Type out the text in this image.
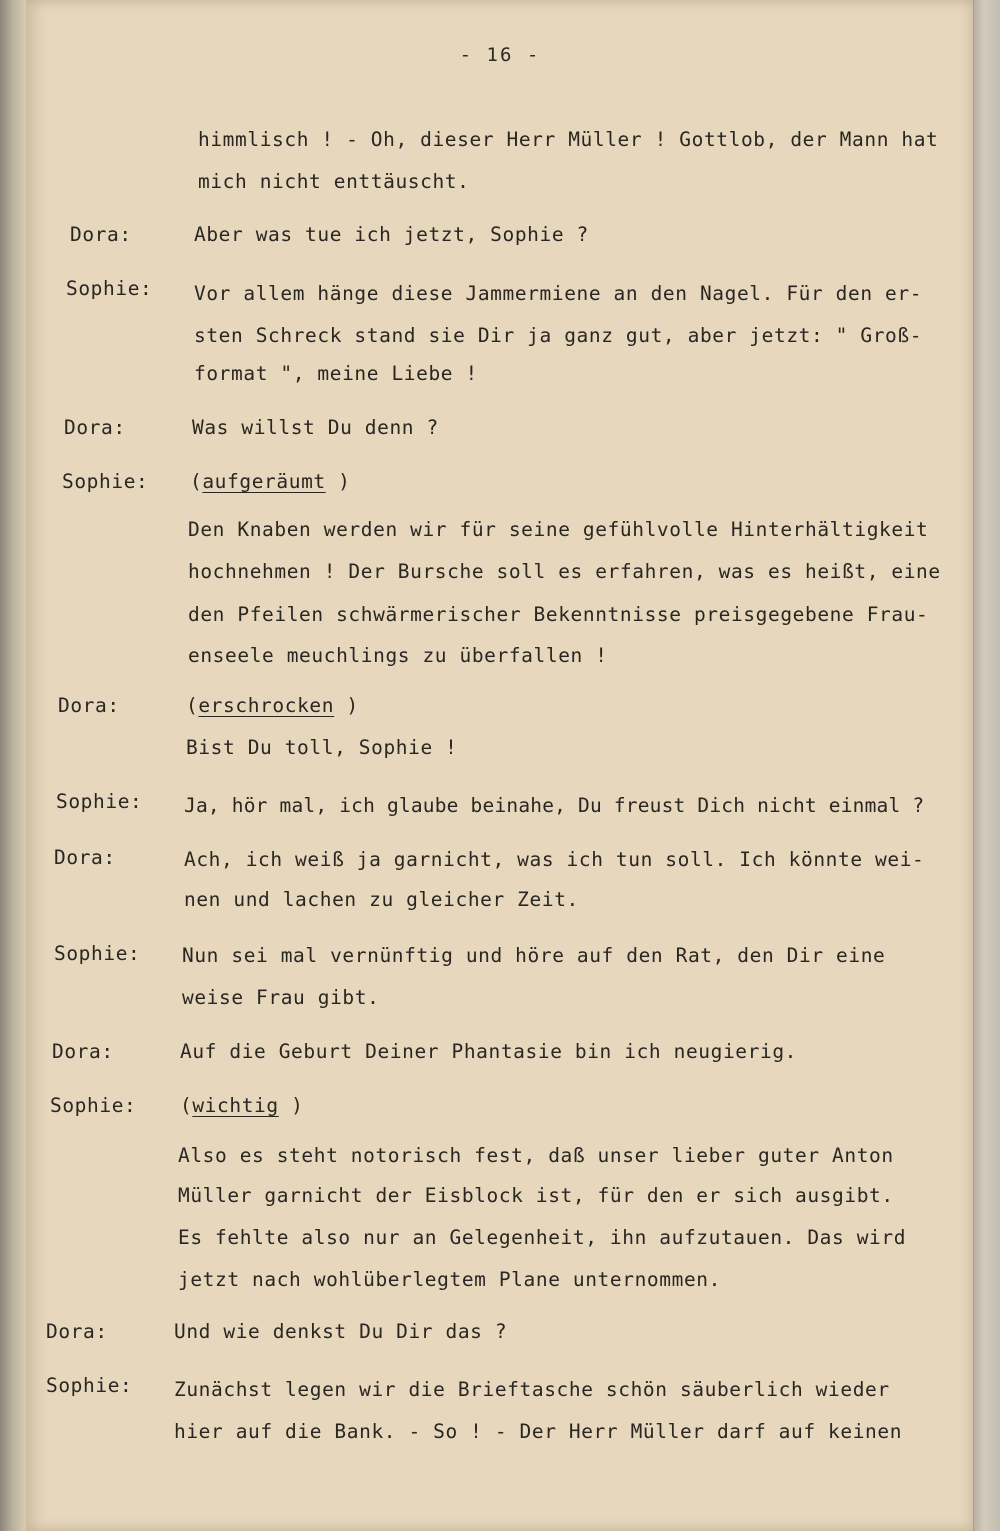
- 16 -
himmlisch ! - Oh, dieser Herr Müller ! Gottlob, der Mann hat
mich nicht enttäuscht.
Dora:	Aber was tue ich jetzt, Sophie ?
Sophie: Vor allem hänge diese Jammermiene an den Nagel. Für den er-
sten Schreck stand sie Dir ja ganz gut, aber jetzt: " Groß-
format ", meine Liebe !
Dora:	Was willst Du denn ?
Sophie: (aufgeräumt )
Den Knaben werden wir für seine gefühlvolle Hinterhältigkeit
hochnehmen ! Der Bursche soll es erfahren, was es heißt, eine
den Pfeilen schwärmerischer Bekenntnisse preisgegebene Frau-
enseele meuchlings zu überfallen !
Dora:	(erschrocken )
Bist Du toll, Sophie !
Sophie: Ja, hör mal, ich glaube beinahe, Du freust Dich nicht einmal ?
Dora:	Ach, ich weiß ja garnicht, was ich tun soll. Ich könnte wei-
nen und lachen zu gleicher Zeit.
Sophie: Nun sei mal vernünftig und höre auf den Rat, den Dir eine
weise Frau gibt.
Dora:	Auf die Geburt Deiner Phantasie bin ich neugierig.
Sophie: (wichtig )
Also es steht notorisch fest, daß unser lieber guter Anton
Müller garnicht der Eisblock ist, für den er sich ausgibt.
Es fehlte also nur an Gelegenheit, ihn aufzutauen. Das wird
jetzt nach wohlüberlegtem Plane unternommen.
Dora:	Und wie denkst Du Dir das ?
Sophie: Zunächst legen wir die Brieftasche schön säuberlich wieder
hier auf die Bank. - So ! - Der Herr Müller darf auf keinen
